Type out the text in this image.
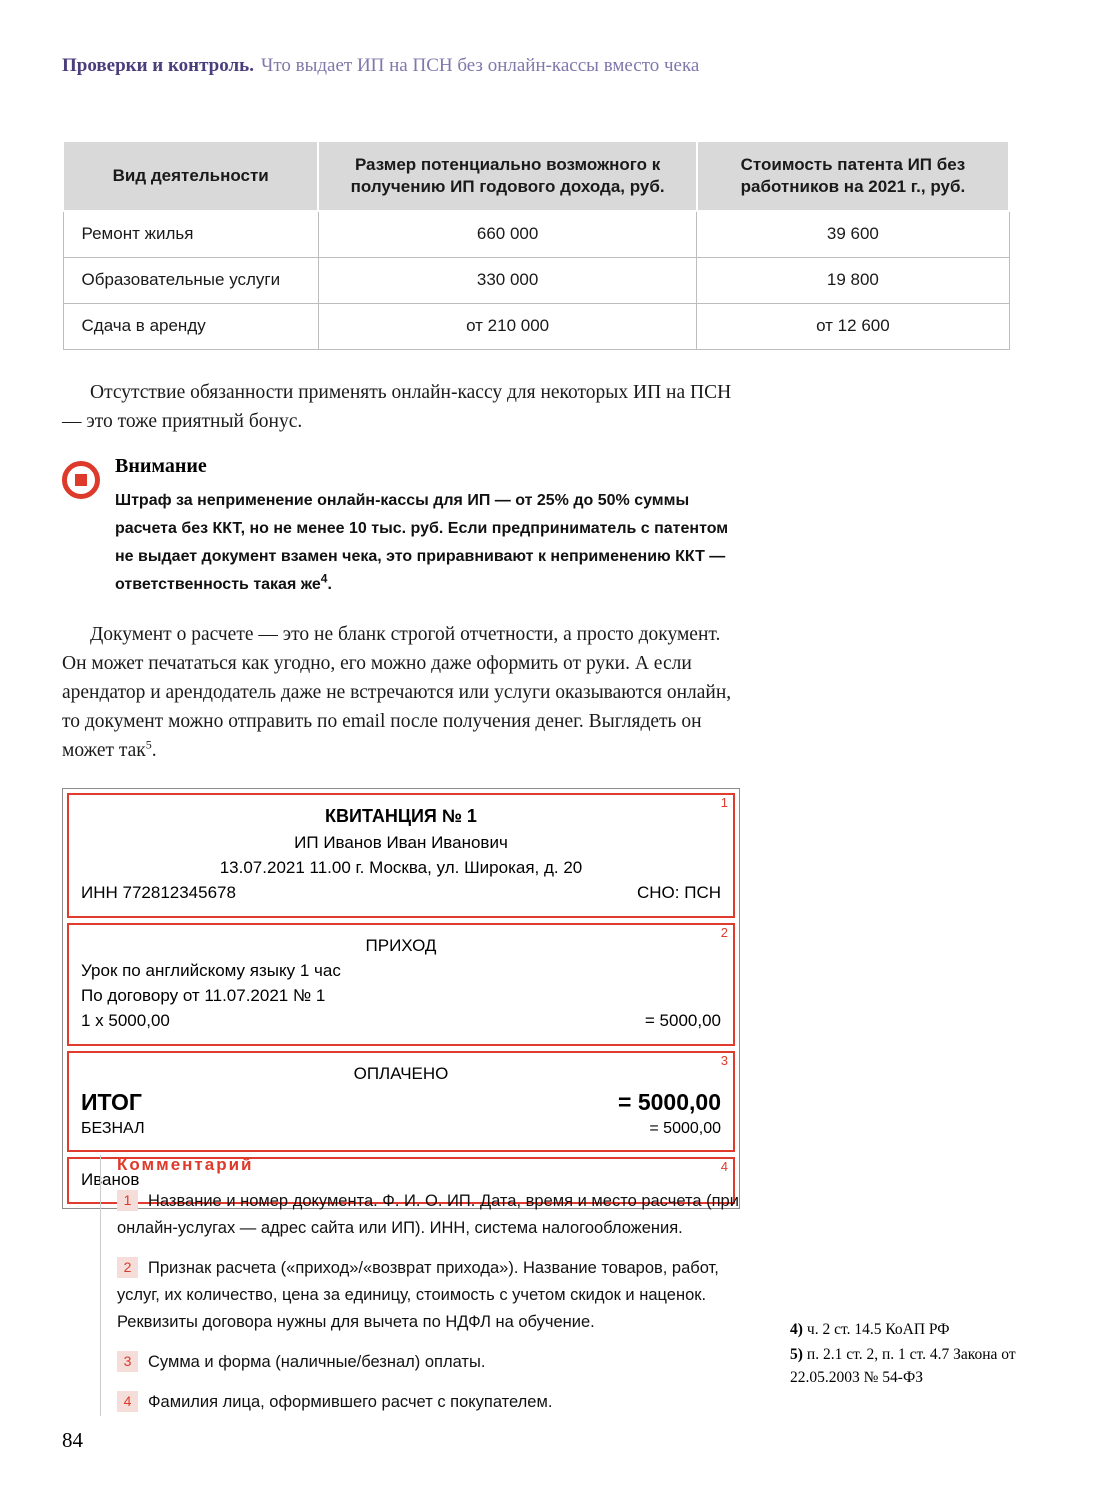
Проверки и контроль. Что выдает ИП на ПСН без онлайн-кассы вместо чека
Вид деятельности	Размер потенциально возможного к получению ИП годового дохода, руб.	Стоимость патента ИП без работников на 2021 г., руб.
Ремонт жилья	660 000	39 600
Образовательные услуги	330 000	19 800
Сдача в аренду	от 210 000	от 12 600

Отсутствие обязанности применять онлайн-кассу для некоторых ИП на ПСН — это тоже приятный бонус.

Внимание
Штраф за неприменение онлайн-кассы для ИП — от 25% до 50% суммы расчета без ККТ, но не менее 10 тыс. руб. Если предприниматель с патентом не выдает документ взамен чека, это приравнивают к неприменению ККТ — ответственность такая же$^4$.

Документ о расчете — это не бланк строгой отчетности, а просто документ. Он может печататься как угодно, его можно даже оформить от руки. А если арендатор и арендодатель даже не встречаются или услуги оказываются онлайн, то документ можно отправить по email после получения денег. Выглядеть он может так$^5$.

1
КВИТАНЦИЯ № 1
ИП Иванов Иван Иванович
13.07.2021 11.00 г. Москва, ул. Широкая, д. 20
ИНН 772812345678	СНО: ПСН
2
ПРИХОД
Урок по английскому языку 1 час
По договору от 11.07.2021 № 1
1 х 5000,00	= 5000,00
3
ОПЛАЧЕНО
ИТОГ	= 5000,00
БЕЗНАЛ	= 5000,00
4
Иванов
Комментарий
1 Название и номер документа. Ф. И. О. ИП. Дата, время и место расчета (при онлайн-услугах — адрес сайта или ИП). ИНН, система налогообложения.
2 Признак расчета («приход»/«возврат прихода»). Название товаров, работ, услуг, их количество, цена за единицу, стоимость с учетом скидок и наценок. Реквизиты договора нужны для вычета по НДФЛ на обучение.
3 Сумма и форма (наличные/безнал) оплаты.
4 Фамилия лица, оформившего расчет с покупателем.
4) ч. 2 ст. 14.5 КоАП РФ
5) п. 2.1 ст. 2, п. 1 ст. 4.7 Закона от 22.05.2003 № 54-ФЗ
84
